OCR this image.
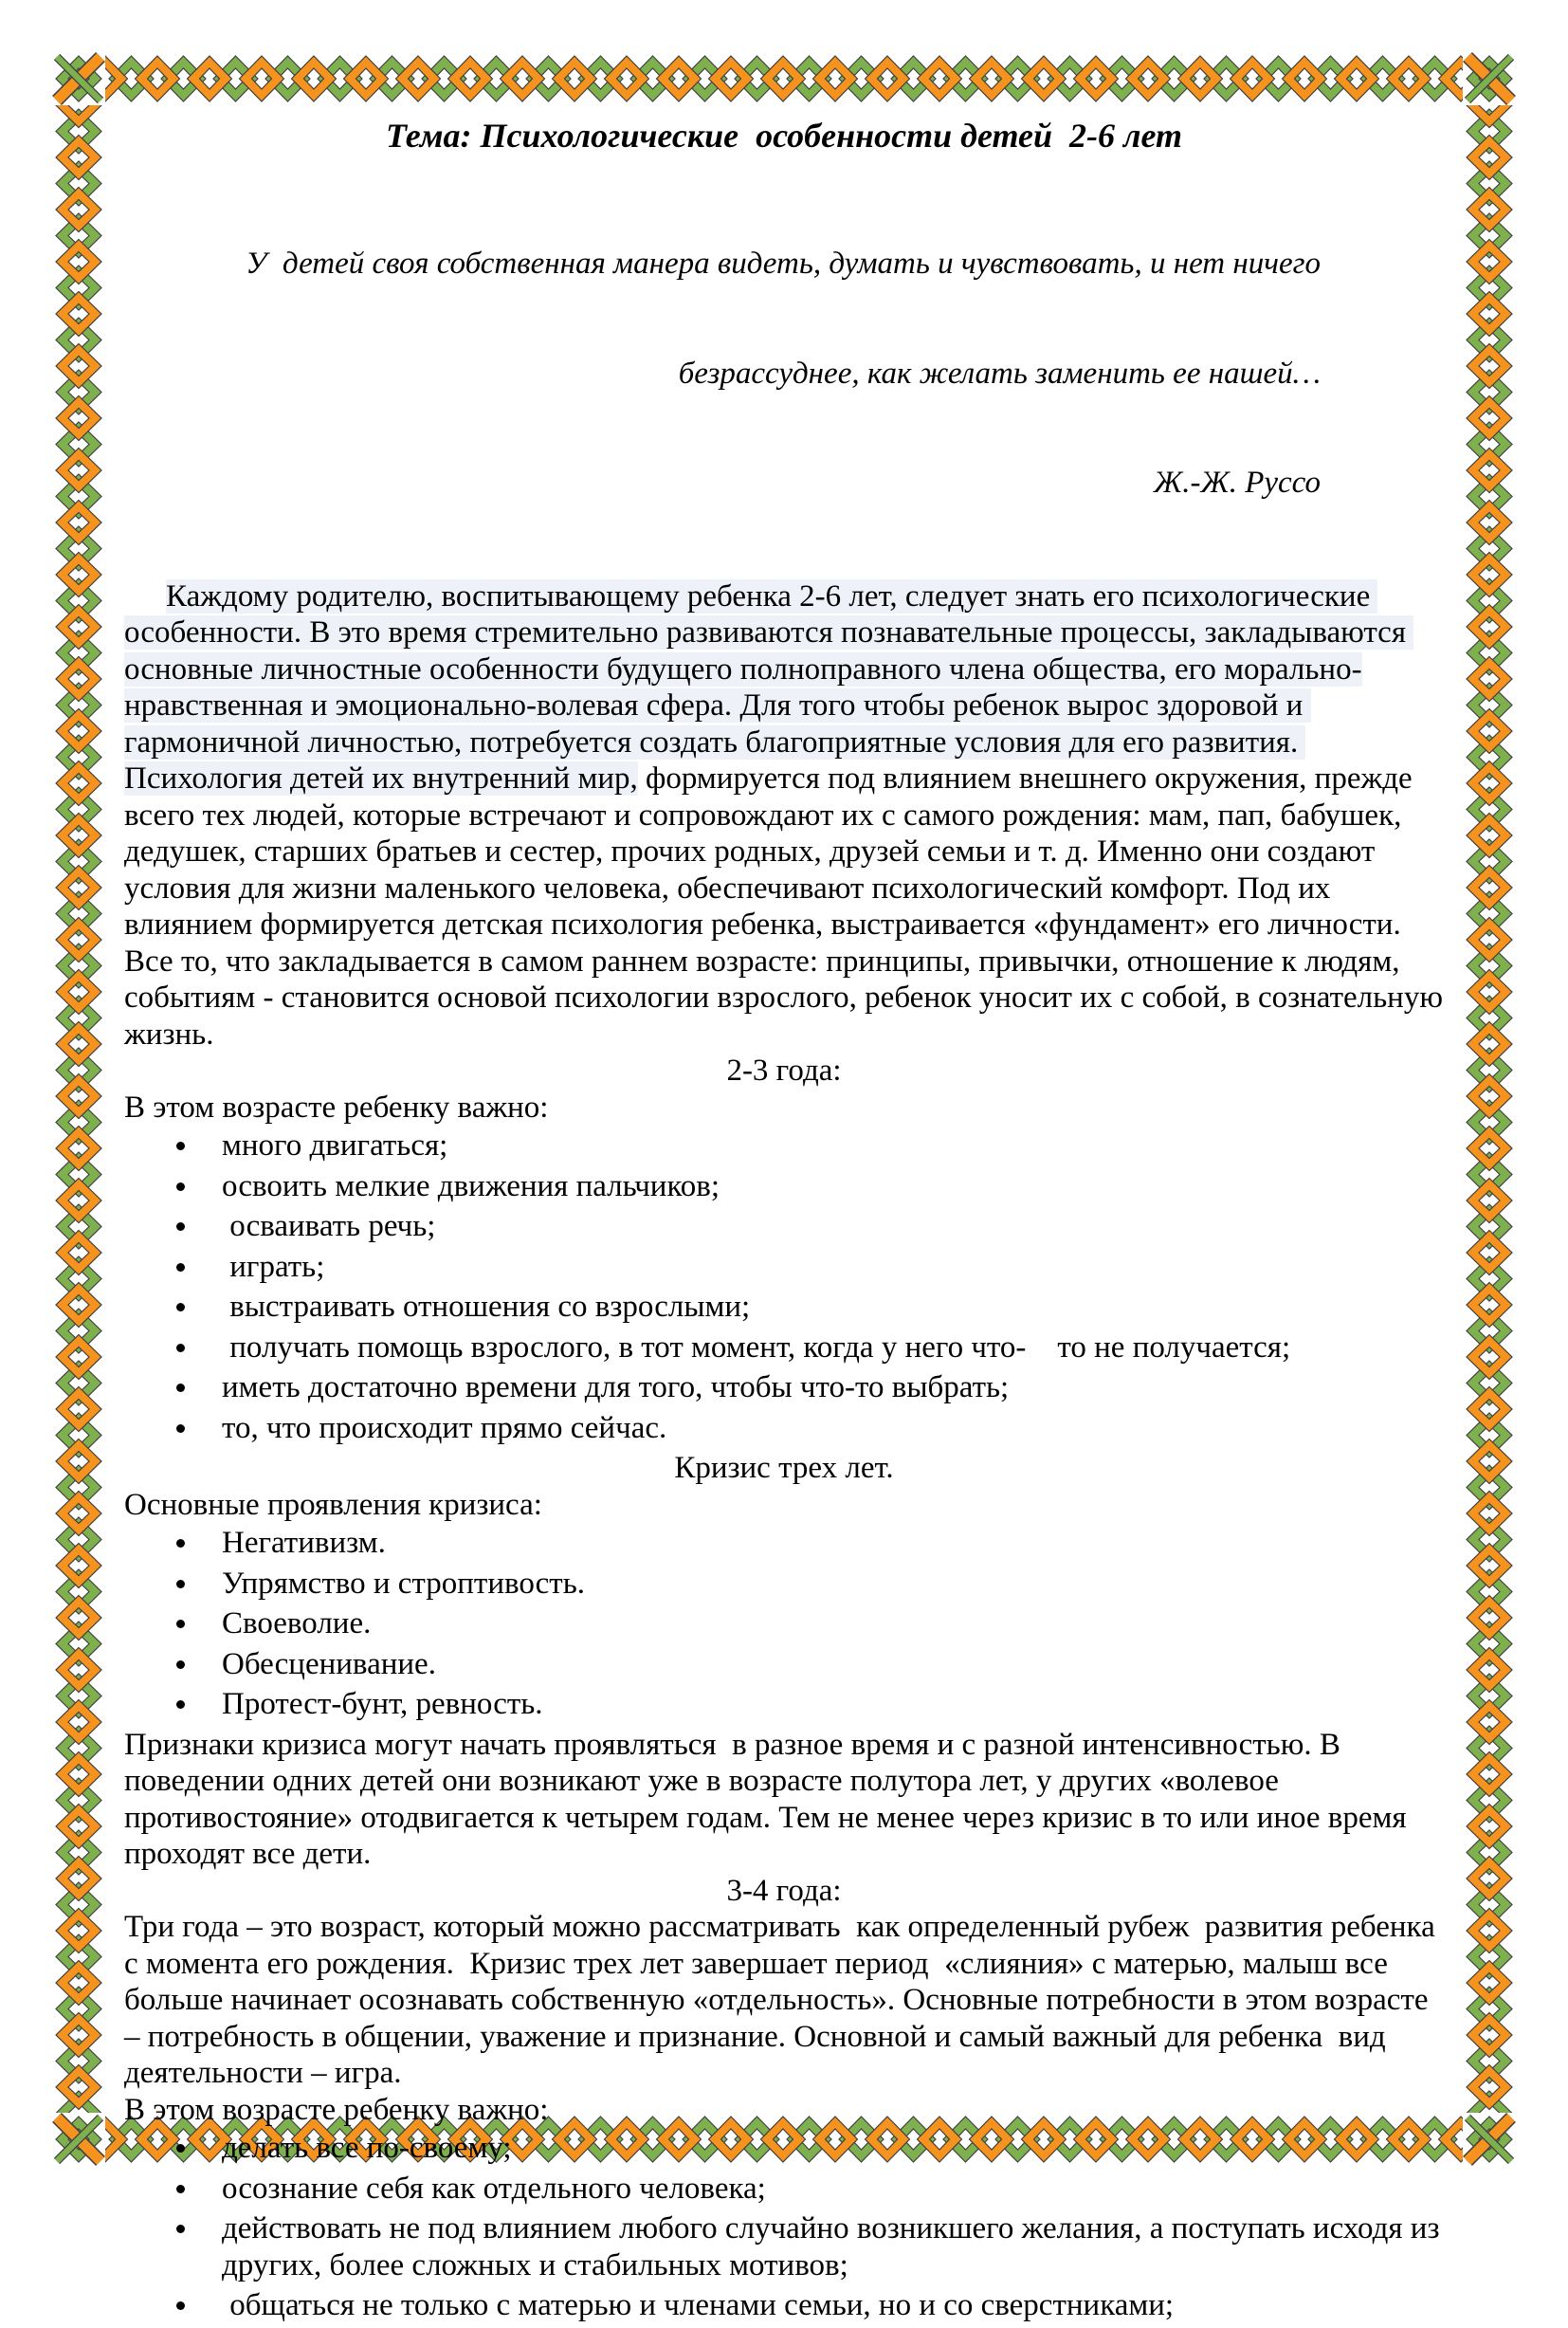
Тема: Психологические  особенности детей  2-6 лет

У  детей своя собственная манера видеть, думать и чувствовать, и нет ничего

безрассуднее, как желать заменить ее нашей…

Ж.-Ж. Руссо

Каждому родителю, воспитывающему ребенка 2-6 лет, следует знать его психологические особенности. В это время стремительно развиваются познавательные процессы, закладываются основные личностные особенности будущего полноправного члена общества, его морально-нравственная и эмоционально-волевая сфера. Для того чтобы ребенок вырос здоровой и гармоничной личностью, потребуется создать благоприятные условия для его развития. Психология детей их внутренний мир, формируется под влиянием внешнего окружения, прежде всего тех людей, которые встречают и сопровождают их с самого рождения: мам, пап, бабушек, дедушек, старших братьев и сестер, прочих родных, друзей семьи и т. д. Именно они создают условия для жизни маленького человека, обеспечивают психологический комфорт. Под их влиянием формируется детская психология ребенка, выстраивается «фундамент» его личности. Все то, что закладывается в самом раннем возрасте: принципы, привычки, отношение к людям, событиям - становится основой психологии взрослого, ребенок уносит их с собой, в сознательную жизнь.

2-3 года:

В этом возрасте ребенку важно:

много двигаться;
освоить мелкие движения пальчиков;
осваивать речь;
играть;
выстраивать отношения со взрослыми;
получать помощь взрослого, в тот момент, когда у него что-    то не получается;
иметь достаточно времени для того, чтобы что-то выбрать;
то, что происходит прямо сейчас.
Кризис трех лет.

Основные проявления кризиса:

Негативизм.
Упрямство и строптивость.
Своеволие.
Обесценивание.
Протест-бунт, ревность.

Признаки кризиса могут начать проявляться  в разное время и с разной интенсивностью. В поведении одних детей они возникают уже в возрасте полутора лет, у других «волевое противостояние» отодвигается к четырем годам. Тем не менее через кризис в то или иное время проходят все дети.

3-4 года:

Три года – это возраст, который можно рассматривать  как определенный рубеж  развития ребенка с момента его рождения.  Кризис трех лет завершает период  «слияния» с матерью, малыш все больше начинает осознавать собственную «отдельность». Основные потребности в этом возрасте – потребность в общении, уважение и признание. Основной и самый важный для ребенка  вид деятельности – игра.

В этом возрасте ребенку важно:

делать все по-своему;
осознание себя как отдельного человека;
действовать не под влиянием любого случайно возникшего желания, а поступать исходя из других, более сложных и стабильных мотивов;
общаться не только с матерью и членами семьи, но и со сверстниками;
